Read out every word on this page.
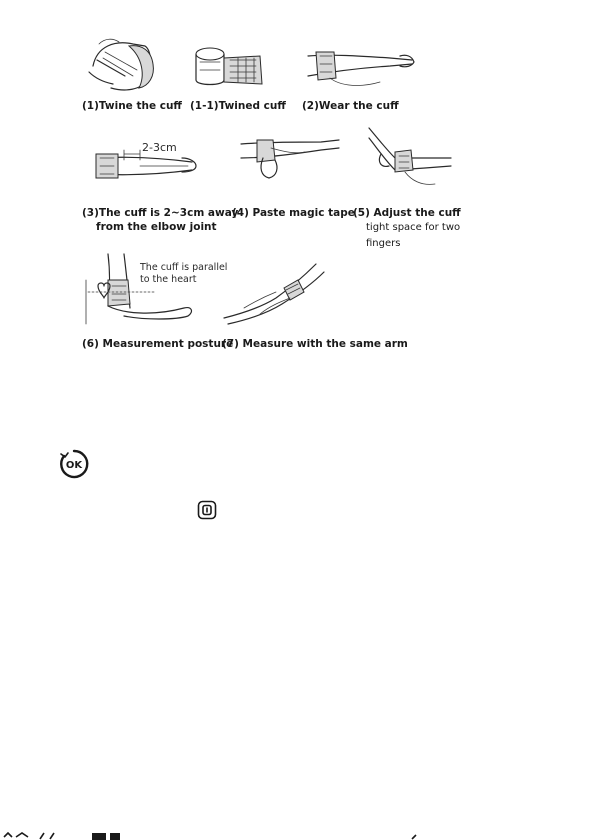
(1)Twine the cuff (1-1)Twined cuff (2)Wear the cuff
2-3cm
(3)The cuff is 2~3cm away
from the elbow joint
(4) Paste magic tape
(5) Adjust the cuff
tight space for two
fingers
The cuff is parallel
to the heart
(6) Measurement posture
(7) Measure with the same arm
OK
